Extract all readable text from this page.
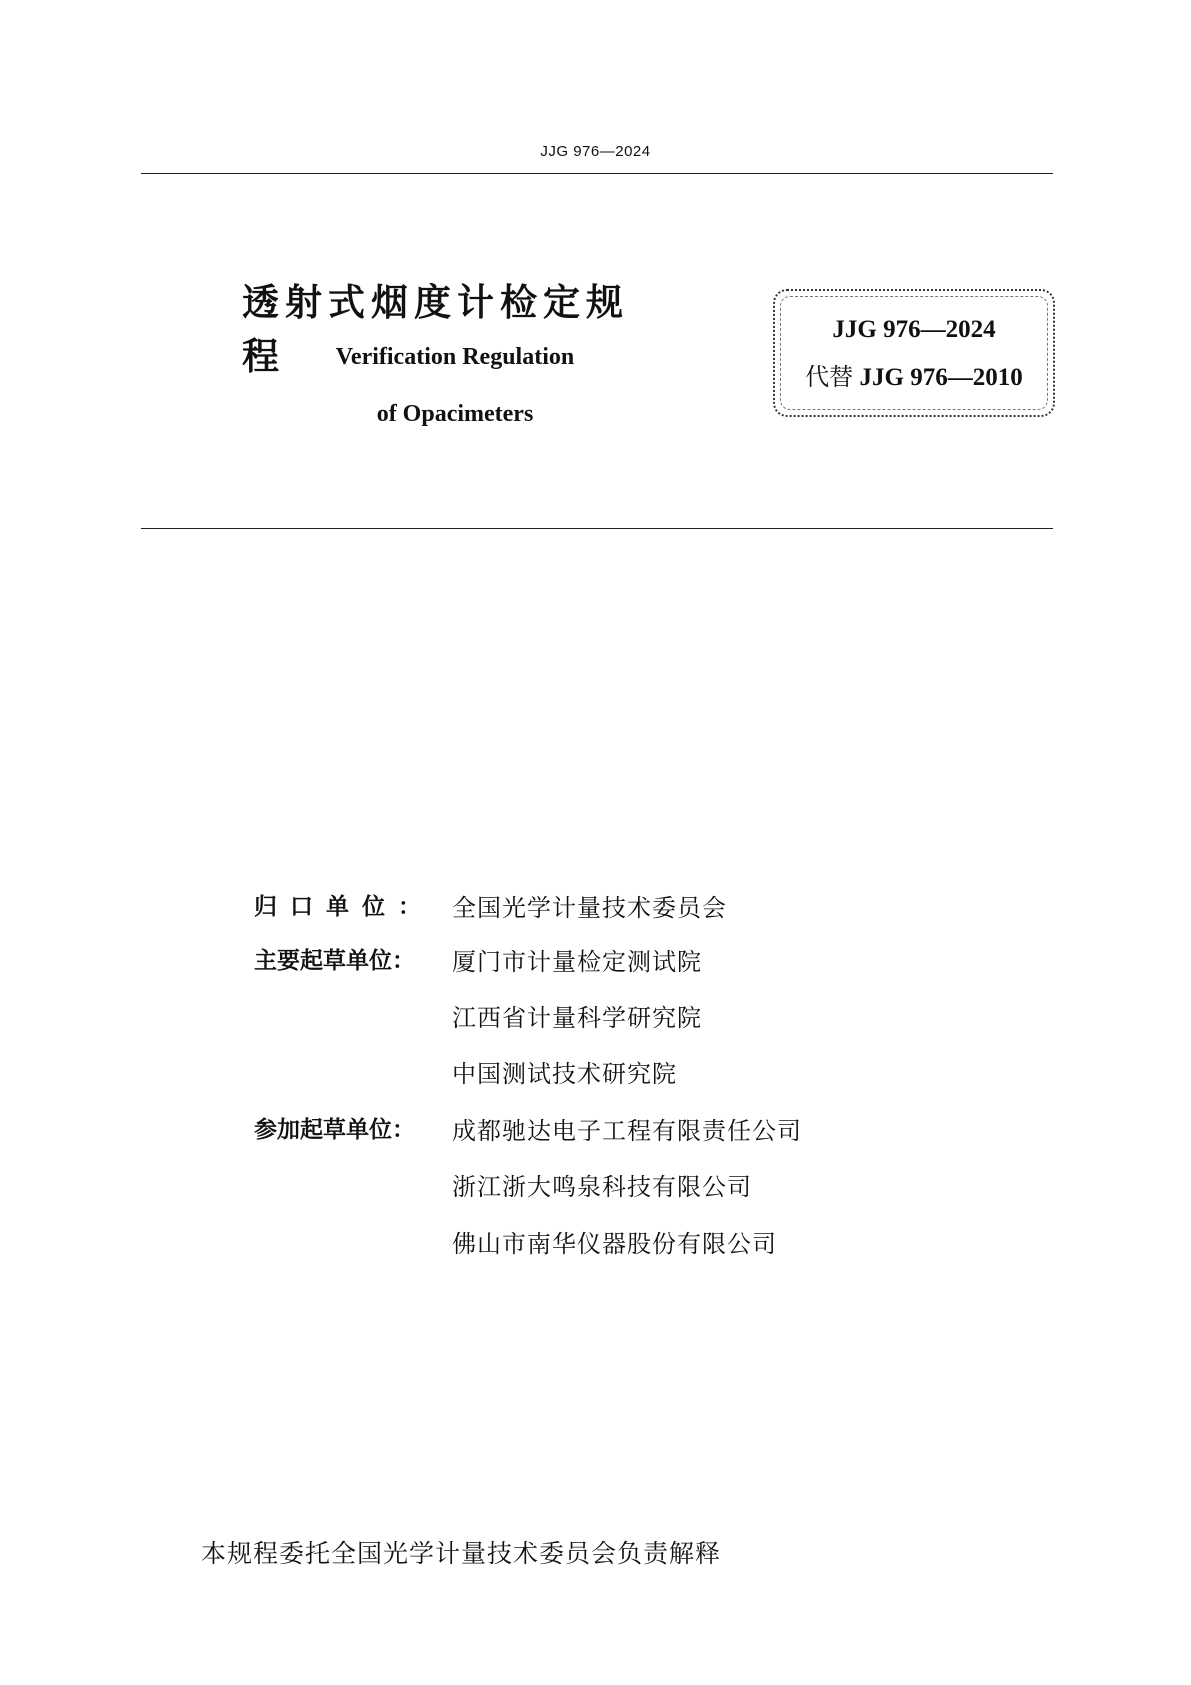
JJG 976—2024
透射式烟度计检定规程	Verification Regulation
of Opacimeters
JJG 976—2024
代替 JJG 976—2010
归口单位： 全国光学计量技术委员会
主要起草单位： 厦门市计量检定测试院
江西省计量科学研究院
中国测试技术研究院
参加起草单位： 成都驰达电子工程有限责任公司
浙江浙大鸣泉科技有限公司
佛山市南华仪器股份有限公司
本规程委托全国光学计量技术委员会负责解释
